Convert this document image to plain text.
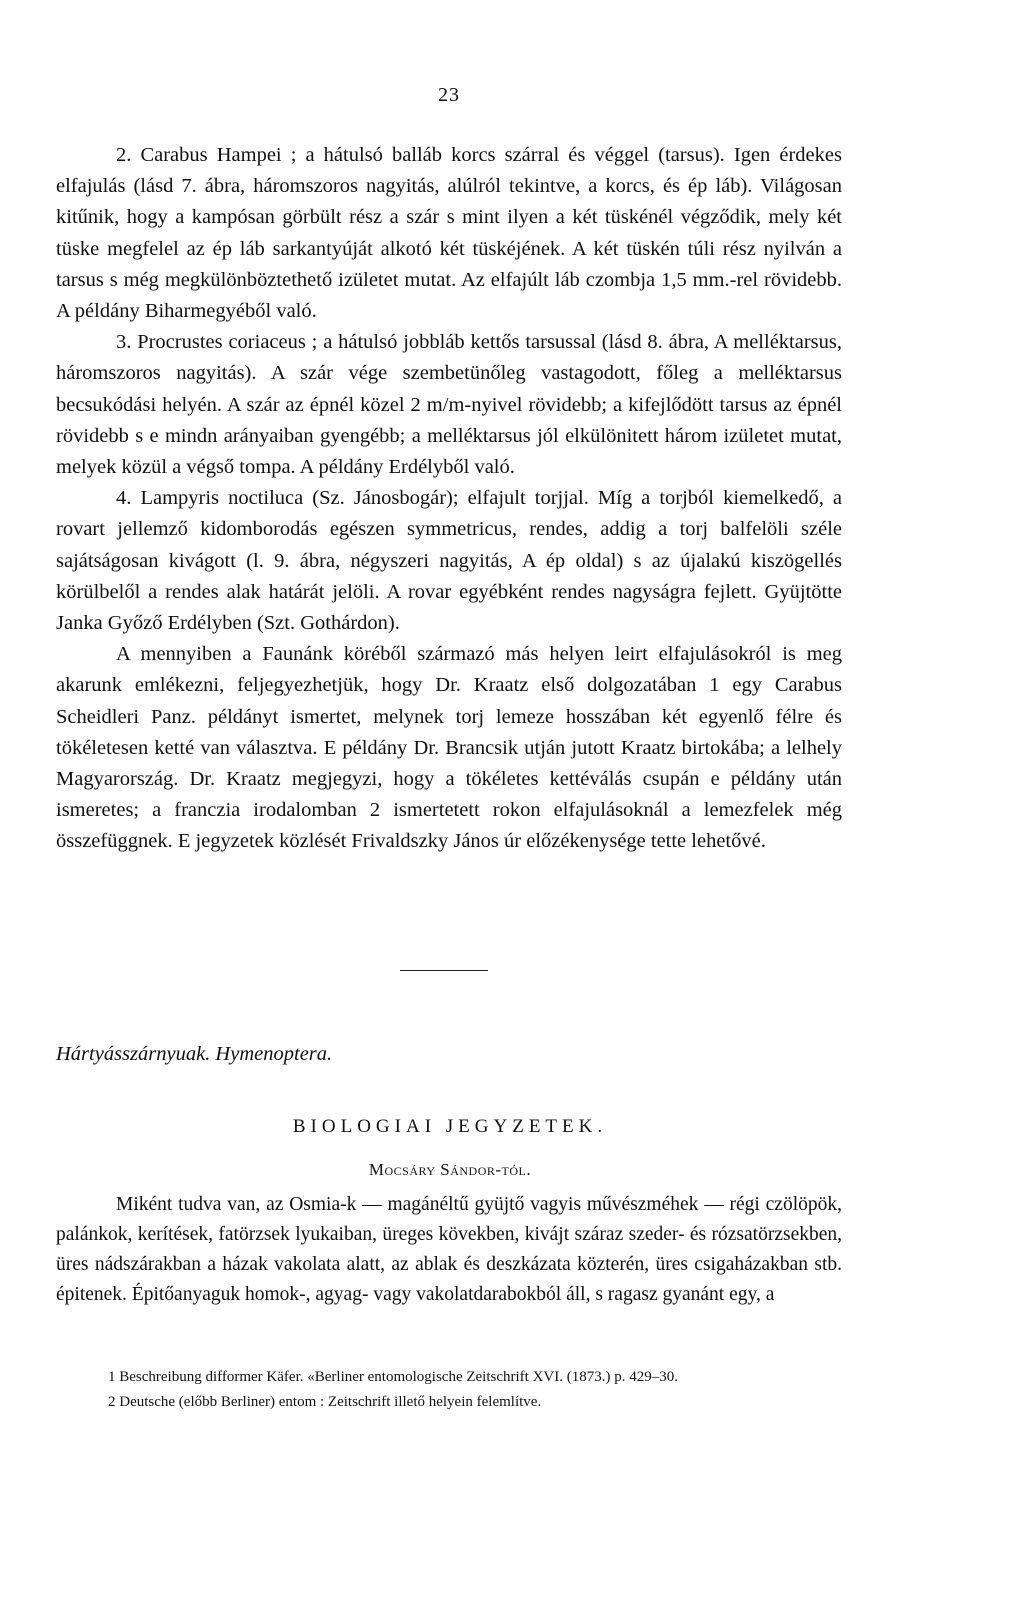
23

2. Carabus Hampei ; a hátulsó balláb korcs szárral és véggel (tarsus). Igen érdekes elfajulás (lásd 7. ábra, háromszoros nagyitás, alúlról tekintve, a korcs, és ép láb). Világosan kitűnik, hogy a kampósan görbült rész a szár s mint ilyen a két tüskénél végződik, mely két tüske megfelel az ép láb sarkantyúját alkotó két tüskéjének. A két tüskén túli rész nyilván a tarsus s még megkülönböztethető izületet mutat. Az elfajúlt láb czombja 1,5 mm.-rel rövidebb. A példány Biharmegyéből való.

3. Procrustes coriaceus ; a hátulsó jobbláb kettős tarsussal (lásd 8. ábra, A melléktarsus, háromszoros nagyitás). A szár vége szembetünőleg vastagodott, főleg a melléktarsus becsukódási helyén. A szár az épnél közel 2 m/m-nyivel rövidebb; a kifejlődött tarsus az épnél rövidebb s e mindn arányaiban gyengébb; a melléktarsus jól elkülönitett három izületet mutat, melyek közül a végső tompa. A példány Erdélyből való.

4. Lampyris noctiluca (Sz. Jánosbogár); elfajult torjjal. Míg a torjból kiemelkedő, a rovart jellemző kidomborodás egészen symmetricus, rendes, addig a torj balfelöli széle sajátságosan kivágott (l. 9. ábra, négyszeri nagyitás, A ép oldal) s az újalakú kiszögellés körülbelől a rendes alak határát jelöli. A rovar egyébként rendes nagyságra fejlett. Gyüjtötte Janka Győző Erdélyben (Szt. Gothárdon).

A mennyiben a Faunánk köréből származó más helyen leirt elfajulásokról is meg akarunk emlékezni, feljegyezhetjük, hogy Dr. Kraatz első dolgozatában 1 egy Carabus Scheidleri Panz. példányt ismertet, melynek torj lemeze hosszában két egyenlő félre és tökéletesen ketté van választva. E példány Dr. Brancsik utján jutott Kraatz birtokába; a lelhely Magyarország. Dr. Kraatz megjegyzi, hogy a tökéletes kettéválás csupán e példány után ismeretes; a franczia irodalomban 2 ismertetett rokon elfajulásoknál a lemezfelek még összefüggnek. E jegyzetek közlését Frivaldszky János úr előzékenysége tette lehetővé.

Hártyásszárnyuak. Hymenoptera.
BIOLOGIAI JEGYZETEK.
Mocsáry Sándor-tól.

Miként tudva van, az Osmia-k — magánéltű gyüjtő vagyis művészméhek — régi czölöpök, palánkok, kerítések, fatörzsek lyukaiban, üreges kövekben, kivájt száraz szeder- és rózsatörzsekben, üres nádszárakban a házak vakolata alatt, az ablak és deszkázata közterén, üres csigaházakban stb. épitenek. Épitőanyaguk homok-, agyag- vagy vakolatdarabokból áll, s ragasz gyanánt egy, a

1 Beschreibung difformer Käfer. «Berliner entomologische Zeitschrift XVI. (1873.) p. 429–30.

2 Deutsche (előbb Berliner) entom : Zeitschrift illető helyein felemlítve.
